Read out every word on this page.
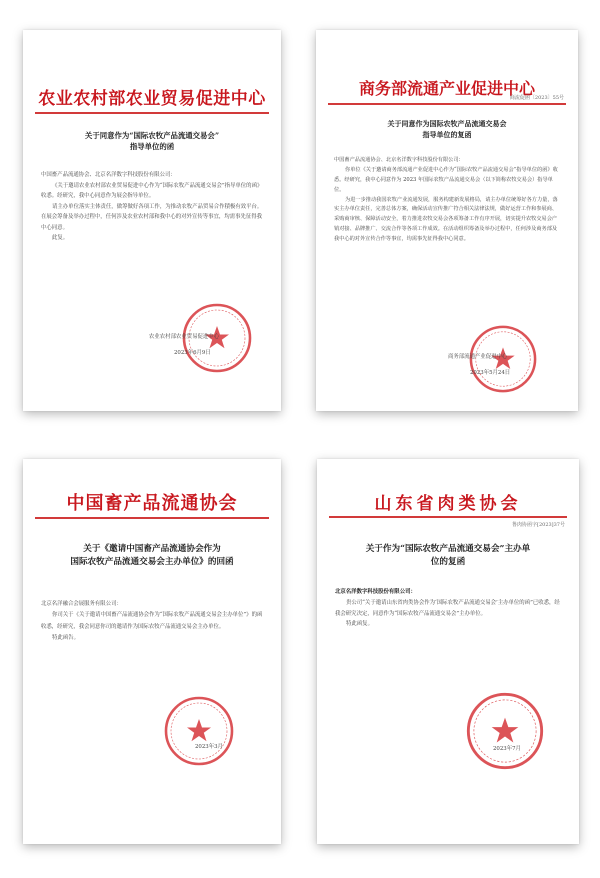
农业农村部农业贸易促进中心
关于同意作为“国际农牧产品流通交易会”
指导单位的函

中国畜产品流通协会、北京名洋数字科技股份有限公司：

《关于邀请农业农村部农业贸易促进中心作为“国际农牧产品流通交易会”指导单位的函》收悉。经研究，我中心同意作为展会指导单位。

请主办单位落实主体责任，做筹做好各项工作，为推动农牧产品贸易合作積极有效平台。在展会筹备及举办过程中，任何涉及农业农村部和我中心的对外宣传等事宜，均需事先征得我中心同意。

此复。

农业农村部农业贸易促进中心
2023年6月9日
商务部流通产业促进中心
商流促函〔2023〕55号
关于同意作为国际农牧产品流通交易会
指导单位的复函

中国畜产品流通协会、北京名洋数字科技股份有限公司：

你单位《关于邀请商务部流通产业促进中心作为“国际农牧产品流通交易会”指导单位的函》收悉。经研究，我中心同意作为 2023 年国际农牧产品流通交易会（以下简称农牧交易会）指导单位。

为进一步推动我国农牧产业流通发展，服务构建新发展格局，请主办单位统筹好各方力量，落实主办单位责任，完善总体方案，确保活动宣传推广符合相关法律法规，做好运营工作和参展商、采购商审核、保障活动安全，着力推进农牧交易会各项筹备工作有序开展，切实提升农牧交易会产销对接、品牌推广、交流合作等各项工作成效。在活动组织筹备及举办过程中，任何涉及商务部及我中心的对外宣传合作等事宜，均需事先征得我中心同意。

商务部流通产业促进中心
2023年5月24日
中国畜产品流通协会
关于《邀请中国畜产品流通协会作为
国际农牧产品流通交易会主办单位》的回函

北京名洋融合会展服务有限公司：

你司关于《关于邀请中国畜产品流通协会作为“国际农牧产品流通交易会主办单位”》的函收悉，经研究，我会同意你司的邀请作为国际农牧产品流通交易会主办单位。

特此函告。

2023年3月
山东省肉类协会
鲁肉协函字[2023]37号
关于作为“国际农牧产品流通交易会”主办单
位的复函

北京名洋数字科技股份有限公司：

贵公司“关于邀请山东省肉类协会作为‘国际农牧产品流通交易会’主办单位的函”已收悉，经我会研究决定，同意作为“国际农牧产品流通交易会”主办单位。

特此函复。

2023年7月
